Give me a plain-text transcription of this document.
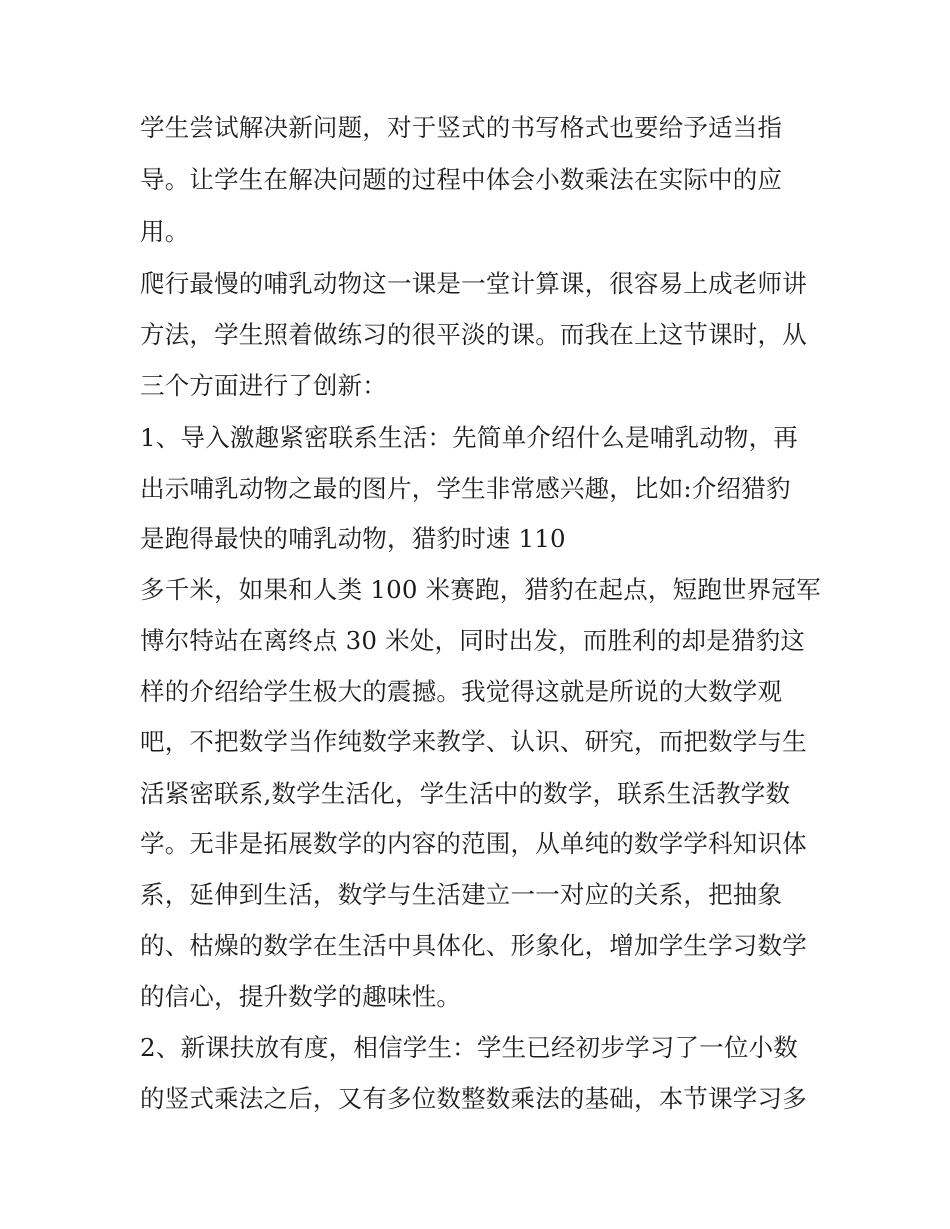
学生尝试解决新问题，对于竖式的书写格式也要给予适当指
导。让学生在解决问题的过程中体会小数乘法在实际中的应
用。
爬行最慢的哺乳动物这一课是一堂计算课，很容易上成老师讲
方法，学生照着做练习的很平淡的课。而我在上这节课时，从
三个方面进行了创新：
1、导入激趣紧密联系生活：先简单介绍什么是哺乳动物，再
出示哺乳动物之最的图片，学生非常感兴趣，比如:介绍猎豹
是跑得最快的哺乳动物，猎豹时速 110
多千米，如果和人类 100 米赛跑，猎豹在起点，短跑世界冠军
博尔特站在离终点 30 米处，同时出发，而胜利的却是猎豹这
样的介绍给学生极大的震撼。我觉得这就是所说的大数学观
吧，不把数学当作纯数学来教学、认识、研究，而把数学与生
活紧密联系,数学生活化，学生活中的数学，联系生活教学数
学。无非是拓展数学的内容的范围，从单纯的数学学科知识体
系，延伸到生活，数学与生活建立一一对应的关系，把抽象
的、枯燥的数学在生活中具体化、形象化，增加学生学习数学
的信心，提升数学的趣味性。
2、新课扶放有度，相信学生：学生已经初步学习了一位小数
的竖式乘法之后，又有多位数整数乘法的基础，本节课学习多
